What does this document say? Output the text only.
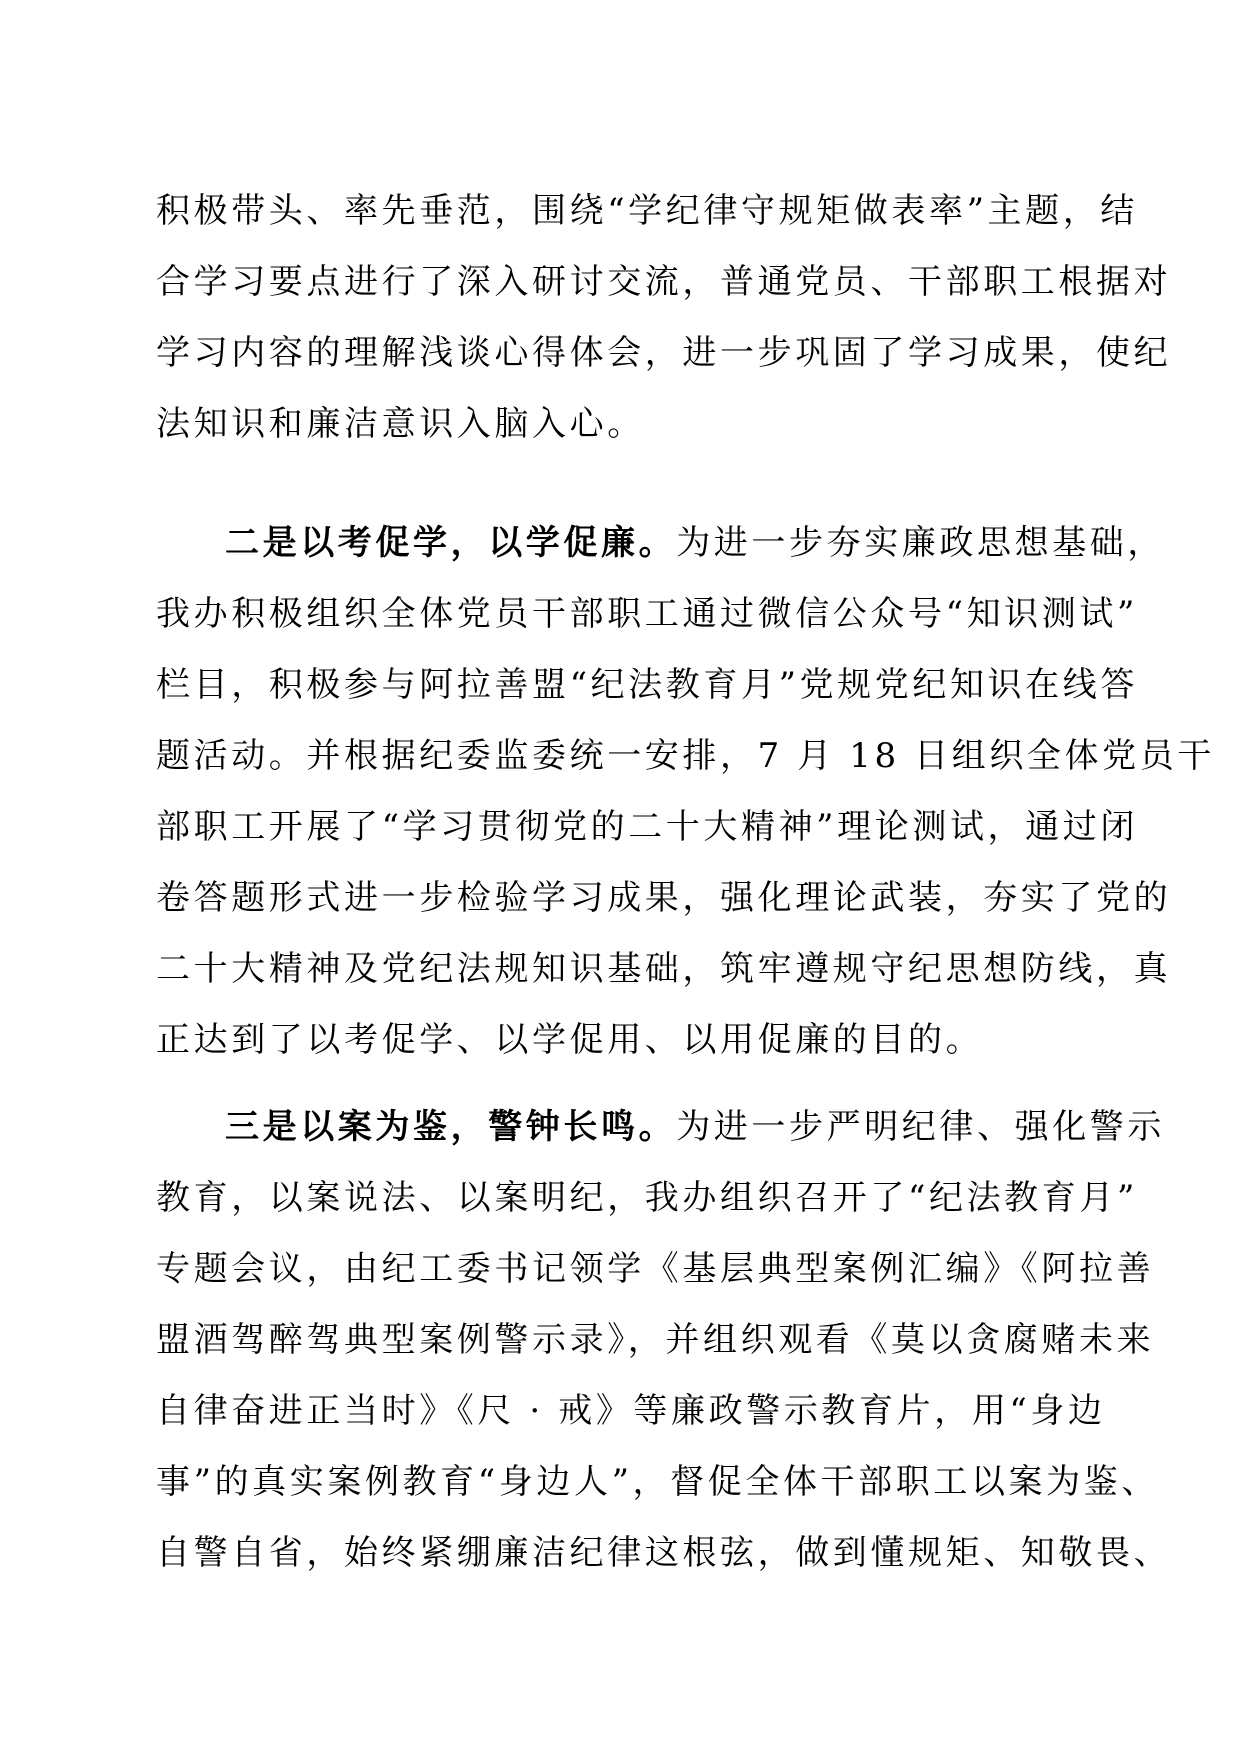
积极带头、率先垂范，围绕“学纪律守规矩做表率”主题，结
合学习要点进行了深入研讨交流，普通党员、干部职工根据对
学习内容的理解浅谈心得体会，进一步巩固了学习成果，使纪
法知识和廉洁意识入脑入心。
二是以考促学，以学促廉。为进一步夯实廉政思想基础，
我办积极组织全体党员干部职工通过微信公众号“知识测试”
栏目，积极参与阿拉善盟“纪法教育月”党规党纪知识在线答
题活动。并根据纪委监委统一安排，7 月 18 日组织全体党员干
部职工开展了“学习贯彻党的二十大精神”理论测试，通过闭
卷答题形式进一步检验学习成果，强化理论武装，夯实了党的
二十大精神及党纪法规知识基础，筑牢遵规守纪思想防线，真
正达到了以考促学、以学促用、以用促廉的目的。
三是以案为鉴，警钟长鸣。为进一步严明纪律、强化警示
教育，以案说法、以案明纪，我办组织召开了“纪法教育月”
专题会议，由纪工委书记领学《基层典型案例汇编》《阿拉善
盟酒驾醉驾典型案例警示录》，并组织观看《莫以贪腐赌未来
自律奋进正当时》《尺 · 戒》等廉政警示教育片，用“身边
事”的真实案例教育“身边人”，督促全体干部职工以案为鉴、
自警自省，始终紧绷廉洁纪律这根弦，做到懂规矩、知敬畏、
